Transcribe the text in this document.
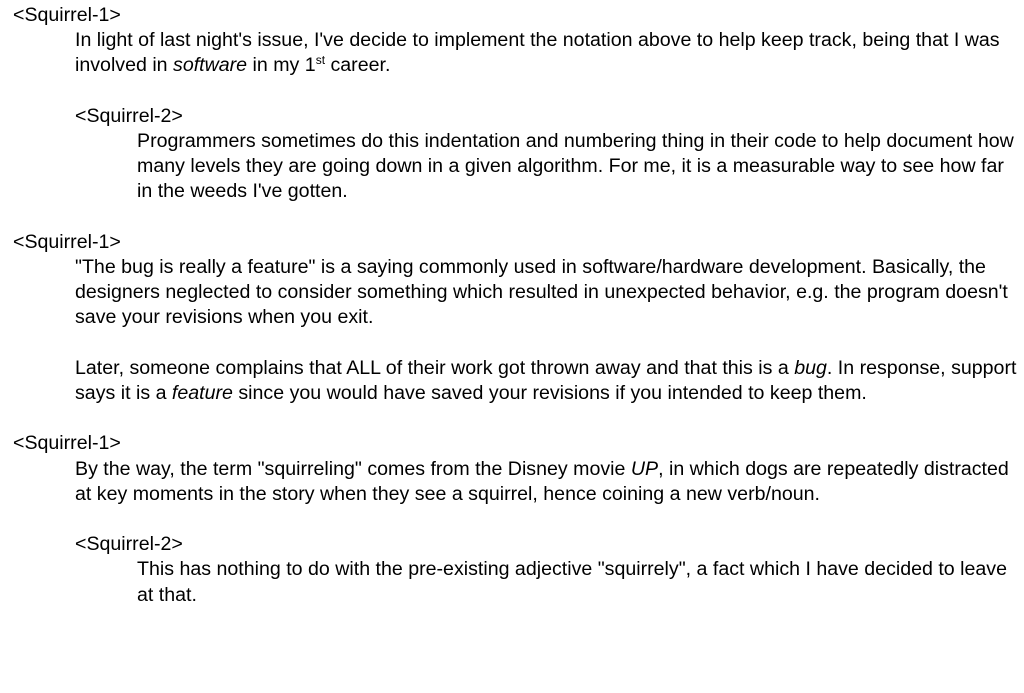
<Squirrel-1>

In light of last night's issue, I've decide to implement the notation above to help keep track, being that I was involved in software in my 1st career.

<Squirrel-2>

Programmers sometimes do this indentation and numbering thing in their code to help document how many levels they are going down in a given algorithm. For me, it is a measurable way to see how far in the weeds I've gotten.

<Squirrel-1>

"The bug is really a feature" is a saying commonly used in software/hardware development. Basically, the designers neglected to consider something which resulted in unexpected behavior, e.g. the program doesn't save your revisions when you exit.

Later, someone complains that ALL of their work got thrown away and that this is a bug. In response, support says it is a feature since you would have saved your revisions if you intended to keep them.

<Squirrel-1>

By the way, the term "squirreling" comes from the Disney movie UP, in which dogs are repeatedly distracted at key moments in the story when they see a squirrel, hence coining a new verb/noun.

<Squirrel-2>

This has nothing to do with the pre-existing adjective "squirrely", a fact which I have decided to leave at that.
